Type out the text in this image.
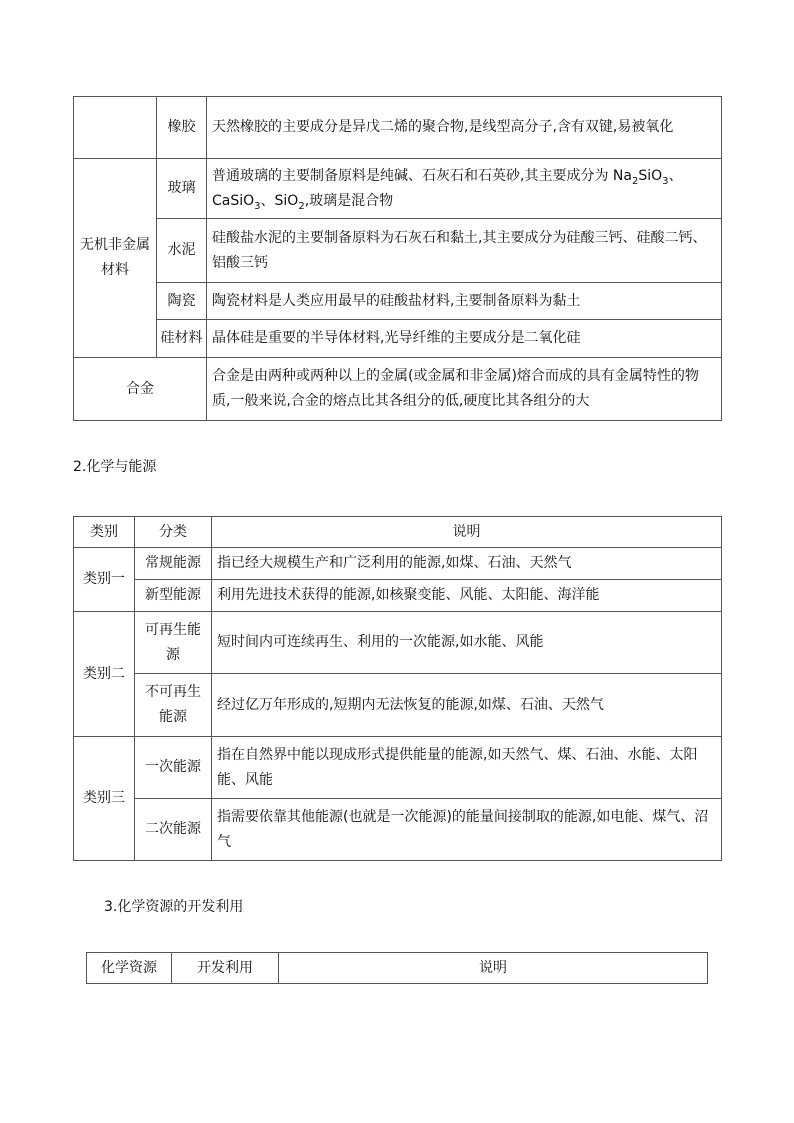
	橡胶	天然橡胶的主要成分是异戊二烯的聚合物,是线型高分子,含有双键,易被氧化
无机非金属材料	玻璃	普通玻璃的主要制备原料是纯碱、石灰石和石英砂,其主要成分为 $Na_2SiO_3$、CaSiO$_3$、SiO$_2$,玻璃是混合物
	水泥	硅酸盐水泥的主要制备原料为石灰石和黏土,其主要成分为硅酸三钙、硅酸二钙、铝酸三钙
	陶瓷	陶瓷材料是人类应用最早的硅酸盐材料,主要制备原料为黏土
	硅材料	晶体硅是重要的半导体材料,光导纤维的主要成分是二氧化硅
合金		合金是由两种或两种以上的金属(或金属和非金属)熔合而成的具有金属特性的物质,一般来说,合金的熔点比其各组分的低,硬度比其各组分的大

2.化学与能源

类别	分类	说明
类别一	常规能源	指已经大规模生产和广泛利用的能源,如煤、石油、天然气
	新型能源	利用先进技术获得的能源,如核聚变能、风能、太阳能、海洋能
类别二	可再生能源	短时间内可连续再生、利用的一次能源,如水能、风能
	不可再生能源	经过亿万年形成的,短期内无法恢复的能源,如煤、石油、天然气
类别三	一次能源	指在自然界中能以现成形式提供能量的能源,如天然气、煤、石油、水能、太阳能、风能
	二次能源	指需要依靠其他能源(也就是一次能源)的能量间接制取的能源,如电能、煤气、沼气

3.化学资源的开发利用

化学资源	开发利用	说明
